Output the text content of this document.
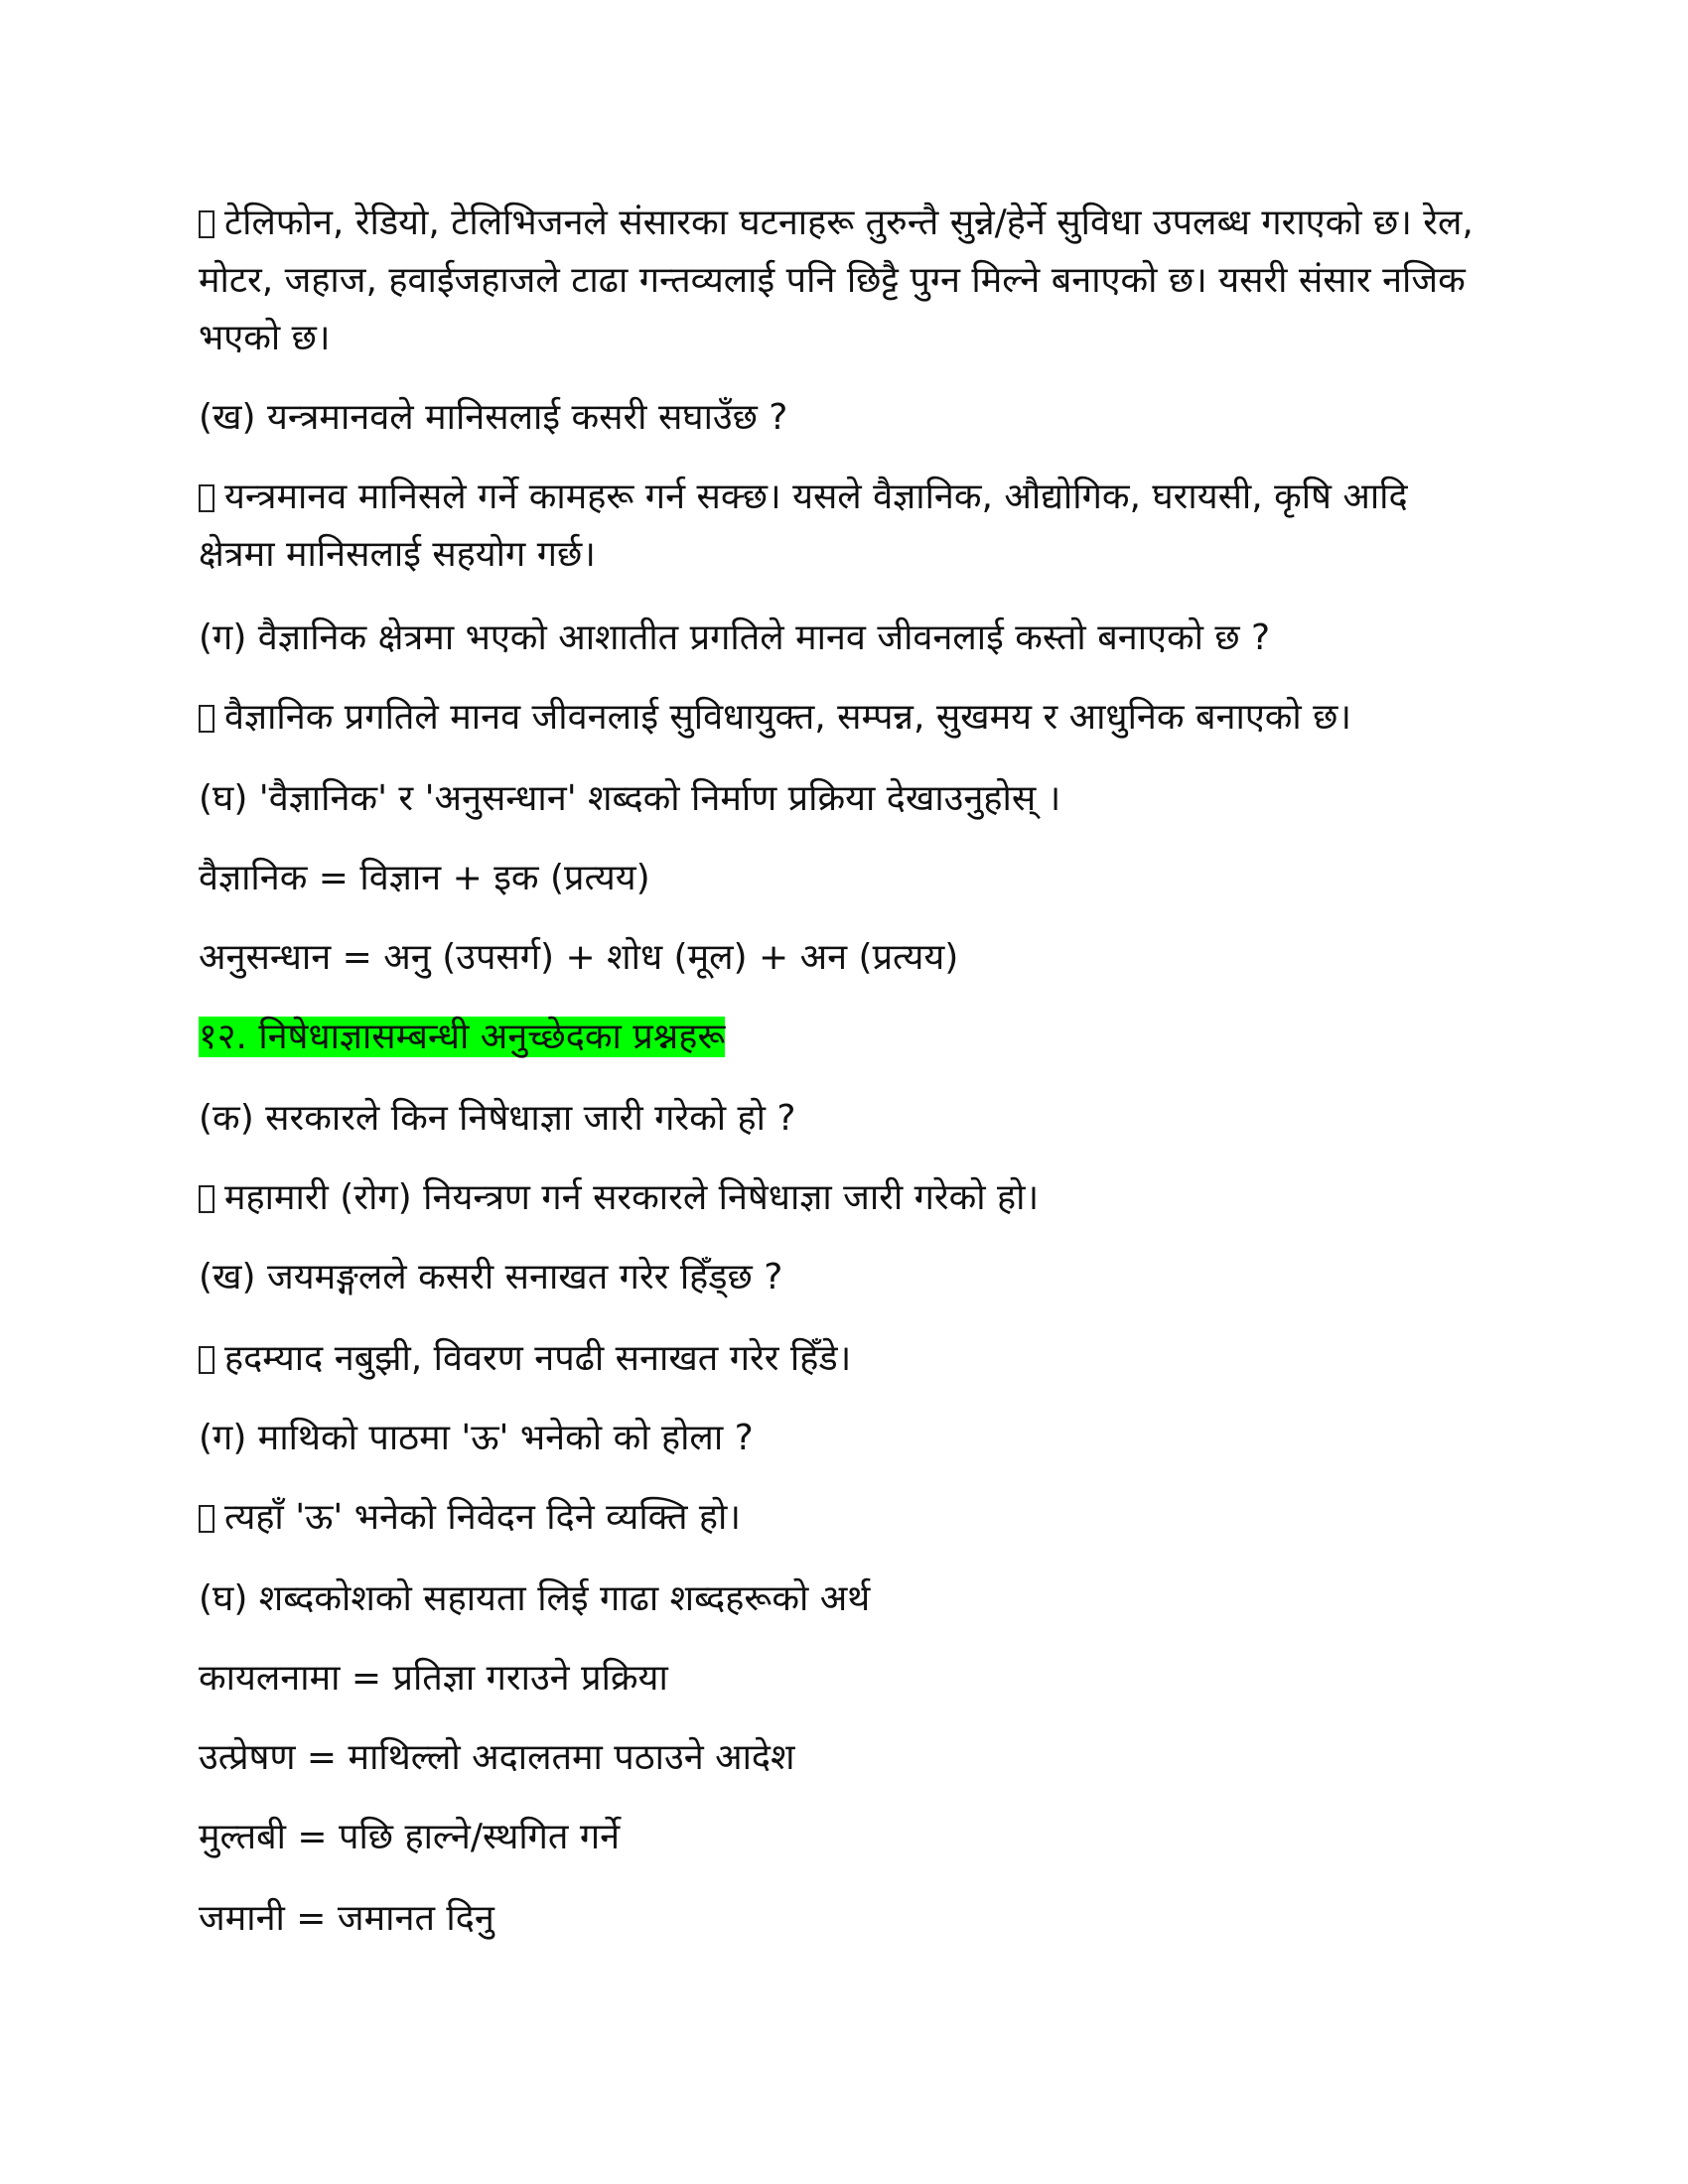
टेलिफोन, रेडियो, टेलिभिजनले संसारका घटनाहरू तुरुन्तै सुन्ने/हेर्ने सुविधा उपलब्ध गराएको छ। रेल, मोटर, जहाज, हवाईजहाजले टाढा गन्तव्यलाई पनि छिट्टै पुग्न मिल्ने बनाएको छ। यसरी संसार नजिक भएको छ।

(ख) यन्त्रमानवले मानिसलाई कसरी सघाउँछ ?

यन्त्रमानव मानिसले गर्ने कामहरू गर्न सक्छ। यसले वैज्ञानिक, औद्योगिक, घरायसी, कृषि आदि क्षेत्रमा मानिसलाई सहयोग गर्छ।

(ग) वैज्ञानिक क्षेत्रमा भएको आशातीत प्रगतिले मानव जीवनलाई कस्तो बनाएको छ ?

वैज्ञानिक प्रगतिले मानव जीवनलाई सुविधायुक्त, सम्पन्न, सुखमय र आधुनिक बनाएको छ।

(घ) 'वैज्ञानिक' र 'अनुसन्धान' शब्दको निर्माण प्रक्रिया देखाउनुहोस् ।

वैज्ञानिक = विज्ञान + इक (प्रत्यय)

अनुसन्धान = अनु (उपसर्ग) + शोध (मूल) + अन (प्रत्यय)

१२. निषेधाज्ञासम्बन्धी अनुच्छेदका प्रश्नहरू

(क) सरकारले किन निषेधाज्ञा जारी गरेको हो ?

महामारी (रोग) नियन्त्रण गर्न सरकारले निषेधाज्ञा जारी गरेको हो।

(ख) जयमङ्गलले कसरी सनाखत गरेर हिँड्छ ?

हदम्याद नबुझी, विवरण नपढी सनाखत गरेर हिँडे।

(ग) माथिको पाठमा 'ऊ' भनेको को होला ?

त्यहाँ 'ऊ' भनेको निवेदन दिने व्यक्ति हो।

(घ) शब्दकोशको सहायता लिई गाढा शब्दहरूको अर्थ

कायलनामा = प्रतिज्ञा गराउने प्रक्रिया

उत्प्रेषण = माथिल्लो अदालतमा पठाउने आदेश

मुल्तबी = पछि हाल्ने/स्थगित गर्ने

जमानी = जमानत दिनु
